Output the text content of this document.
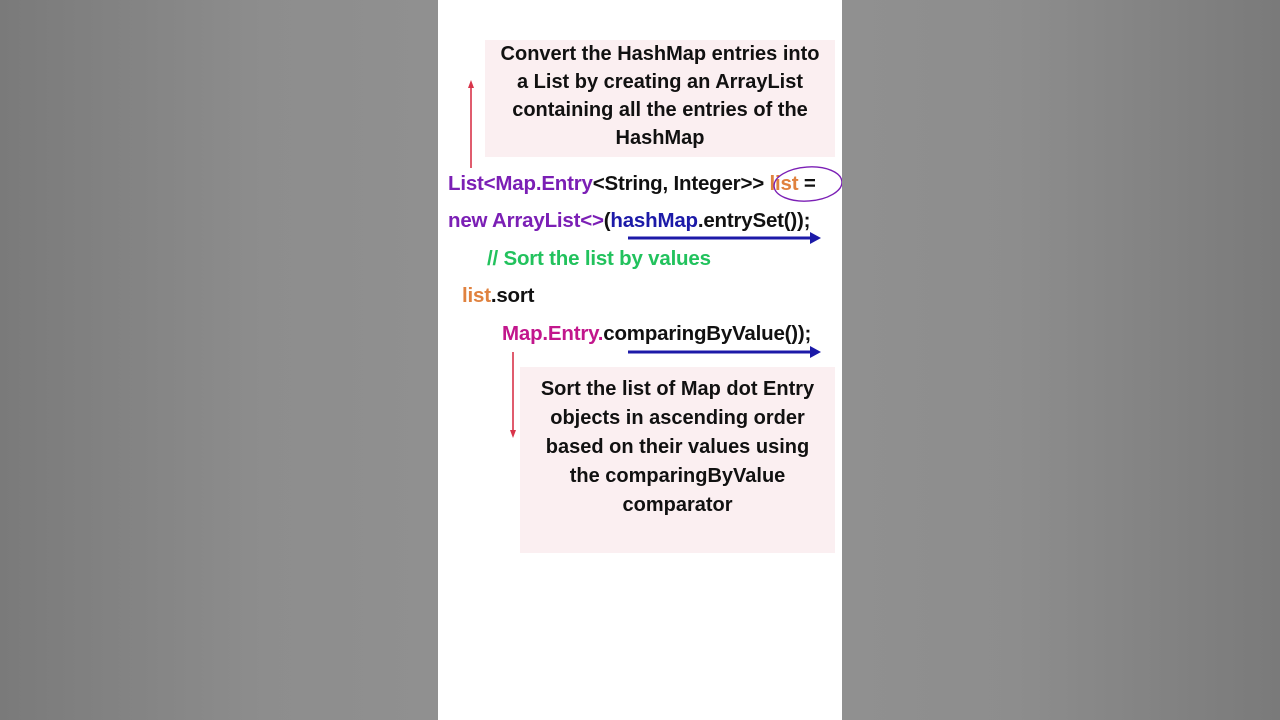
Convert the HashMap entries into a List by creating an ArrayList containing all the entries of the HashMap
List<Map.Entry<String, Integer>> list =
new ArrayList<>(hashMap.entrySet());
// Sort the list by values
list.sort
Map.Entry.comparingByValue());
Sort the list of Map dot Entry objects in ascending order based on their values using the comparingByValue comparator
